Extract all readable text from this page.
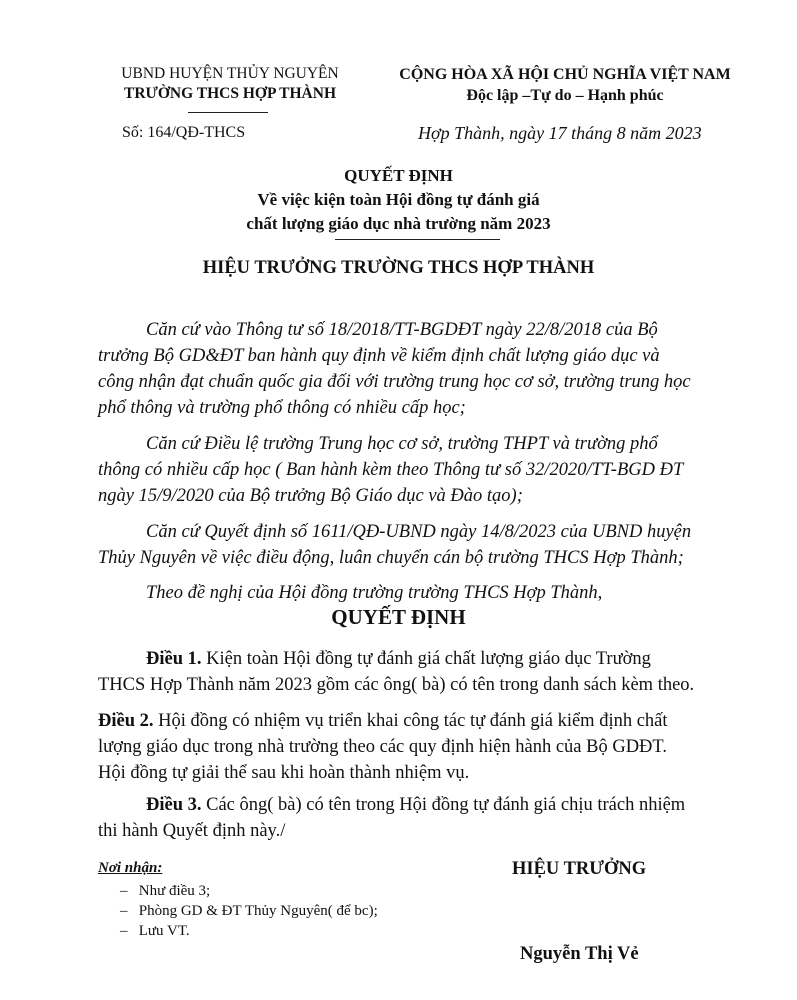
UBND HUYỆN THỦY NGUYÊN
TRƯỜNG THCS HỢP THÀNH
CỘNG HÒA XÃ HỘI CHỦ NGHĨA VIỆT NAM
Độc lập –Tự do – Hạnh phúc
Số: 164/QĐ-THCS	Hợp Thành, ngày 17 tháng 8 năm 2023
QUYẾT ĐỊNH
Về việc kiện toàn Hội đồng tự đánh giá
chất lượng giáo dục nhà trường năm 2023
HIỆU TRƯỞNG TRƯỜNG THCS HỢP THÀNH
Căn cứ vào Thông tư số 18/2018/TT-BGDĐT ngày 22/8/2018 của Bộ
trưởng Bộ GD&ĐT ban hành quy định về kiểm định chất lượng giáo dục và
công nhận đạt chuẩn quốc gia đối với trường trung học cơ sở, trường trung học
phổ thông và trường phổ thông có nhiều cấp học;
Căn cứ Điều lệ trường Trung học cơ sở, trường THPT và trường phổ
thông có nhiều cấp học ( Ban hành kèm theo Thông tư số 32/2020/TT-BGD ĐT
ngày 15/9/2020 của Bộ trưởng Bộ Giáo dục và Đào tạo);
Căn cứ Quyết định số 1611/QĐ-UBND ngày 14/8/2023 của UBND huyện
Thủy Nguyên về việc điều động, luân chuyển cán bộ trường THCS Hợp Thành;
Theo đề nghị của Hội đồng trường trường THCS Hợp Thành,
QUYẾT ĐỊNH
Điều 1. Kiện toàn Hội đồng tự đánh giá chất lượng giáo dục Trường
THCS Hợp Thành năm 2023 gồm các ông( bà) có tên trong danh sách kèm theo.
Điều 2. Hội đồng có nhiệm vụ triển khai công tác tự đánh giá kiểm định chất
lượng giáo dục trong nhà trường theo các quy định hiện hành của Bộ GDĐT.
Hội đồng tự giải thể sau khi hoàn thành nhiệm vụ.
Điều 3. Các ông( bà) có tên trong Hội đồng tự đánh giá chịu trách nhiệm
thi hành Quyết định này./
Nơi nhận:
– Như điều 3;
– Phòng GD & ĐT Thủy Nguyên( để bc);
– Lưu VT.
HIỆU TRƯỞNG
Nguyễn Thị Vẻ
